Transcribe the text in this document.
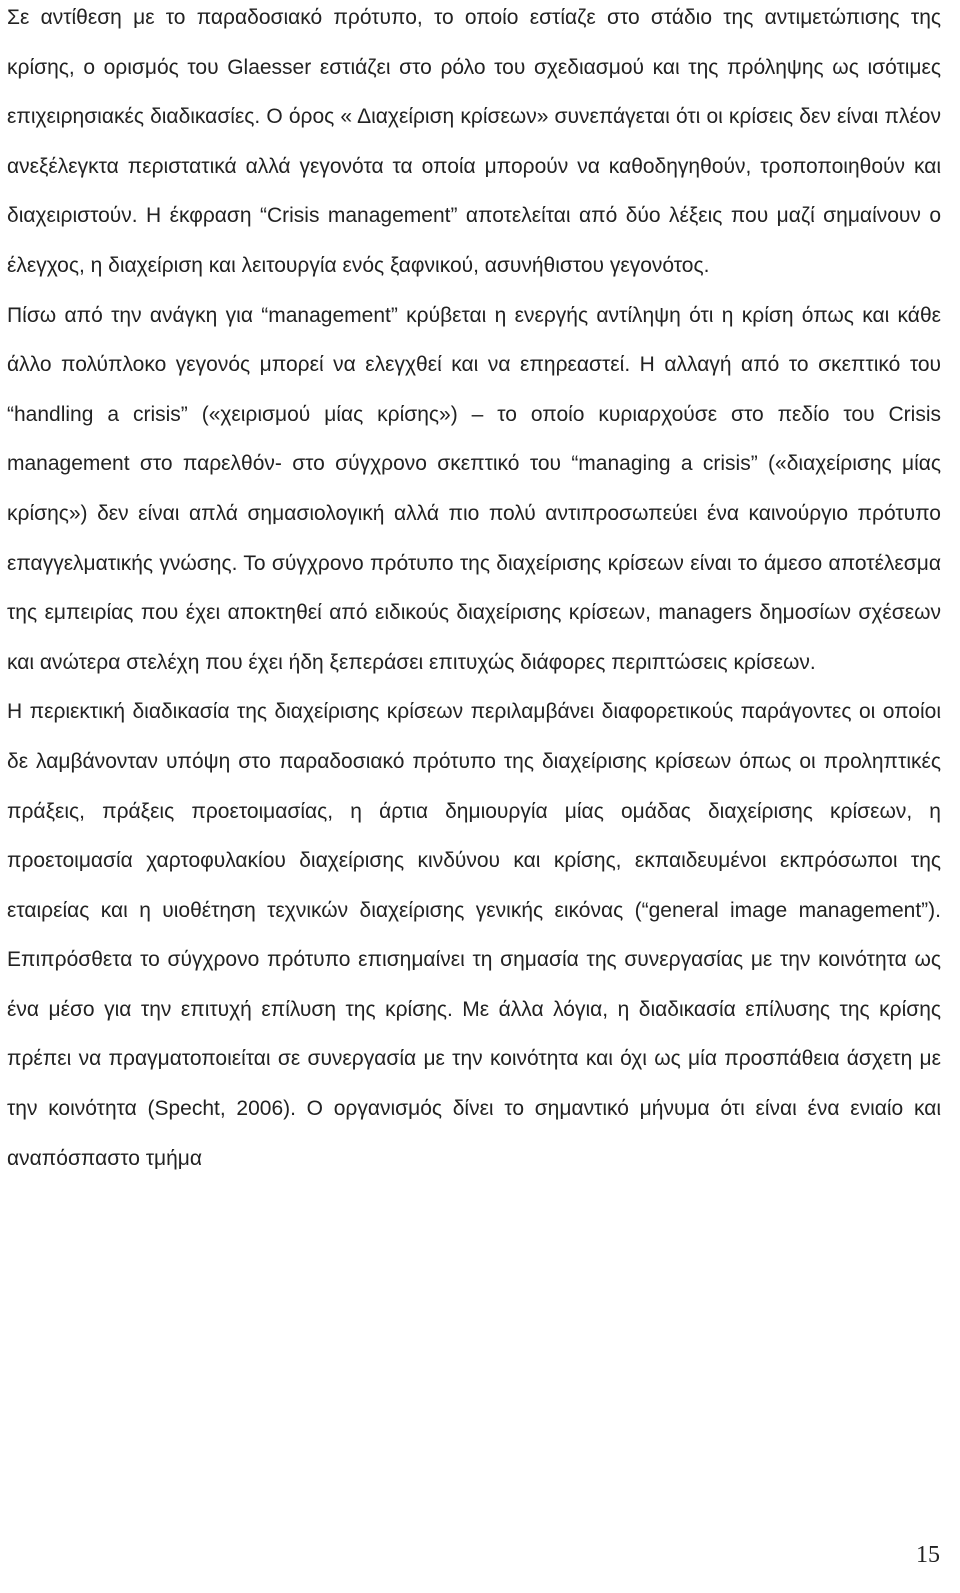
Σε αντίθεση με το παραδοσιακό πρότυπο, το οποίο εστίαζε στο στάδιο της αντιμετώπισης της κρίσης, ο ορισμός του Glaesser εστιάζει στο ρόλο του σχεδιασμού και της πρόληψης ως ισότιμες επιχειρησιακές διαδικασίες. Ο όρος « Διαχείριση κρίσεων» συνεπάγεται ότι οι κρίσεις δεν είναι πλέον ανεξέλεγκτα περιστατικά αλλά γεγονότα τα οποία μπορούν να καθοδηγηθούν, τροποποιηθούν και διαχειριστούν. Η έκφραση “Crisis management” αποτελείται από δύο λέξεις που μαζί σημαίνουν ο έλεγχος, η διαχείριση και λειτουργία ενός ξαφνικού, ασυνήθιστου γεγονότος.

Πίσω από την ανάγκη για “management” κρύβεται η ενεργής αντίληψη ότι η κρίση όπως και κάθε άλλο πολύπλοκο γεγονός μπορεί να ελεγχθεί και να επηρεαστεί. Η αλλαγή από το σκεπτικό του “handling a crisis” («χειρισμού μίας κρίσης») – το οποίο κυριαρχούσε στο πεδίο του Crisis management στο παρελθόν- στο σύγχρονο σκεπτικό του “managing a crisis” («διαχείρισης μίας κρίσης») δεν είναι απλά σημασιολογική αλλά πιο πολύ αντιπροσωπεύει ένα καινούργιο πρότυπο επαγγελματικής γνώσης. Το σύγχρονο πρότυπο της διαχείρισης κρίσεων είναι το άμεσο αποτέλεσμα της εμπειρίας που έχει αποκτηθεί από ειδικούς διαχείρισης κρίσεων, managers δημοσίων σχέσεων και ανώτερα στελέχη που έχει ήδη ξεπεράσει επιτυχώς διάφορες περιπτώσεις κρίσεων.

Η περιεκτική διαδικασία της διαχείρισης κρίσεων περιλαμβάνει διαφορετικούς παράγοντες οι οποίοι δε λαμβάνονταν υπόψη στο παραδοσιακό πρότυπο της διαχείρισης κρίσεων όπως οι προληπτικές πράξεις, πράξεις προετοιμασίας, η άρτια δημιουργία μίας ομάδας διαχείρισης κρίσεων, η προετοιμασία χαρτοφυλακίου διαχείρισης κινδύνου και κρίσης, εκπαιδευμένοι εκπρόσωποι της εταιρείας και η υιοθέτηση τεχνικών διαχείρισης γενικής εικόνας (“general image management”). Επιπρόσθετα το σύγχρονο πρότυπο επισημαίνει τη σημασία της συνεργασίας με την κοινότητα ως ένα μέσο για την επιτυχή επίλυση της κρίσης. Με άλλα λόγια, η διαδικασία επίλυσης της κρίσης πρέπει να πραγματοποιείται σε συνεργασία με την κοινότητα και όχι ως μία προσπάθεια άσχετη με την κοινότητα (Specht, 2006). Ο οργανισμός δίνει το σημαντικό μήνυμα ότι είναι ένα ενιαίο και αναπόσπαστο τμήμα

15
